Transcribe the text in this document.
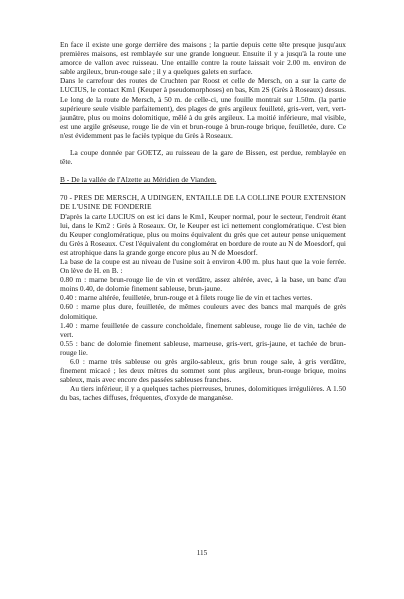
En face il existe une gorge derrière des maisons ; la partie depuis cette tête presque jusqu'aux premières maisons, est remblayée sur une grande longueur. Ensuite il y a jusqu'à la route une amorce de vallon avec ruisseau. Une entaille contre la route laissait voir 2.00 m. environ de sable argileux, brun-rouge sale ; il y a quelques galets en surface.

Dans le carrefour des routes de Cruchten par Roost et celle de Mersch, on a sur la carte de LUCIUS, le contact Km1 (Keuper à pseudomorphoses) en bas, Km 2S (Grès à Roseaux) dessus. Le long de la route de Mersch, à 50 m. de celle-ci, une fouille montrait sur 1.50m. (la partie supérieure seule visible parfaitement), des plages de grès argileux feuilleté, gris-vert, vert, vert-jaunâtre, plus ou moins dolomitique, mêlé à du grès argileux. La moitié inférieure, mal visible, est une argile gréseuse, rouge lie de vin et brun-rouge à brun-rouge brique, feuilletée, dure. Ce n'est évidemment pas le faciès typique du Grès à Roseaux.

La coupe donnée par GOETZ, au ruisseau de la gare de Bissen, est perdue, remblayée en tête.

B - De la vallée de l'Alzette au Méridien de Vianden.

70 - PRES DE MERSCH, A UDINGEN, ENTAILLE DE LA COLLINE POUR EXTENSION DE L'USINE DE FONDERIE

D'après la carte LUCIUS on est ici dans le Km1, Keuper normal, pour le secteur, l'endroit étant lui, dans le Km2 : Grès à Roseaux. Or, le Keuper est ici nettement conglomératique. C'est bien du Keuper conglomératique, plus ou moins équivalent du grès que cet auteur pense uniquement du Grès à Roseaux. C'est l'équivalent du conglomérat en bordure de route au N de Moesdorf, qui est atrophique dans la grande gorge encore plus au N de Moesdorf.

La base de la coupe est au niveau de l'usine soit à environ 4.00 m. plus haut que la voie ferrée. On lève de H. en B. :

0.80 m : marne brun-rouge lie de vin et verdâtre, assez altérée, avec, à la base, un banc d'au moins 0.40, de dolomie finement sableuse, brun-jaune.

0.40 : marne altérée, feuilletée, brun-rouge et à filets rouge lie de vin et taches vertes.

0.60 : marne plus dure, feuilletée, de mêmes couleurs avec des bancs mal marqués de grès dolomitique.

1.40 : marne feuilletée de cassure conchoïdale, finement sableuse, rouge lie de vin, tachée de vert.

0.55 : banc de dolomie finement sableuse, marneuse, gris-vert, gris-jaune, et tachée de brun-rouge lie.

6.0 : marne très sableuse ou grès argilo-sableux, gris brun rouge sale, à gris verdâtre, finement micacé ; les deux mètres du sommet sont plus argileux, brun-rouge brique, moins sableux, mais avec encore des passées sableuses franches.

Au tiers inférieur, il y a quelques taches pierreuses, brunes, dolomitiques irrégulières. A 1.50 du bas, taches diffuses, fréquentes, d'oxyde de manganèse.

115
